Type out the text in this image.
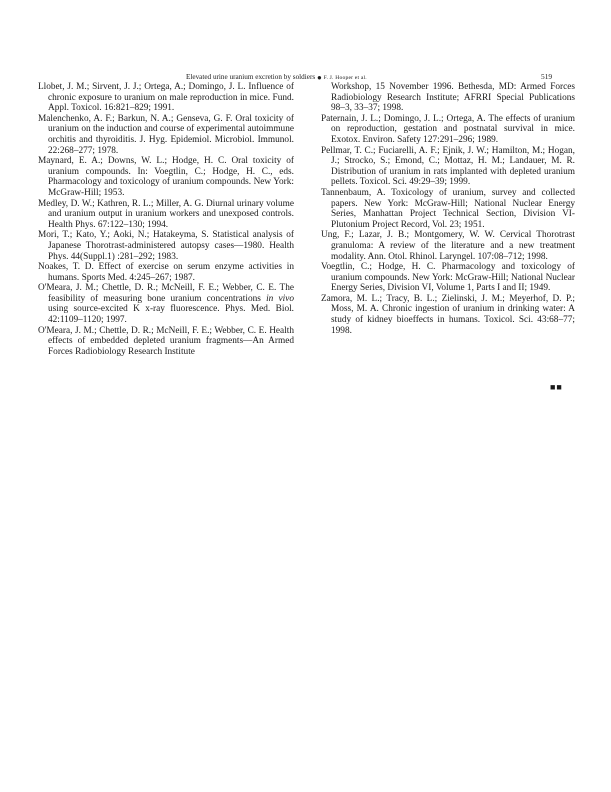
Elevated urine uranium excretion by soldiers ● F. J. Hooper et al.	519

Llobet, J. M.; Sirvent, J. J.; Ortega, A.; Domingo, J. L. Influence of chronic exposure to uranium on male reproduction in mice. Fund. Appl. Toxicol. 16:821–829; 1991.

Malenchenko, A. F.; Barkun, N. A.; Genseva, G. F. Oral toxicity of uranium on the induction and course of experimental autoimmune orchitis and thyroiditis. J. Hyg. Epidemiol. Microbiol. Immunol. 22:268–277; 1978.

Maynard, E. A.; Downs, W. L.; Hodge, H. C. Oral toxicity of uranium compounds. In: Voegtlin, C.; Hodge, H. C., eds. Pharmacology and toxicology of uranium compounds. New York: McGraw-Hill; 1953.

Medley, D. W.; Kathren, R. L.; Miller, A. G. Diurnal urinary volume and uranium output in uranium workers and unexposed controls. Health Phys. 67:122–130; 1994.

Mori, T.; Kato, Y.; Aoki, N.; Hatakeyma, S. Statistical analysis of Japanese Thorotrast-administered autopsy cases—1980. Health Phys. 44(Suppl.1) :281–292; 1983.

Noakes, T. D. Effect of exercise on serum enzyme activities in humans. Sports Med. 4:245–267; 1987.

O'Meara, J. M.; Chettle, D. R.; McNeill, F. E.; Webber, C. E. The feasibility of measuring bone uranium concentrations in vivo using source-excited K x-ray fluorescence. Phys. Med. Biol. 42:1109–1120; 1997.

O'Meara, J. M.; Chettle, D. R.; McNeill, F. E.; Webber, C. E. Health effects of embedded depleted uranium fragments—An Armed Forces Radiobiology Research Institute

Workshop, 15 November 1996. Bethesda, MD: Armed Forces Radiobiology Research Institute; AFRRI Special Publications 98–3, 33–37; 1998.

Paternain, J. L.; Domingo, J. L.; Ortega, A. The effects of uranium on reproduction, gestation and postnatal survival in mice. Exotox. Environ. Safety 127:291–296; 1989.

Pellmar, T. C.; Fuciarelli, A. F.; Ejnik, J. W.; Hamilton, M.; Hogan, J.; Strocko, S.; Emond, C.; Mottaz, H. M.; Landauer, M. R. Distribution of uranium in rats implanted with depleted uranium pellets. Toxicol. Sci. 49:29–39; 1999.

Tannenbaum, A. Toxicology of uranium, survey and collected papers. New York: McGraw-Hill; National Nuclear Energy Series, Manhattan Project Technical Section, Division VI-Plutonium Project Record, Vol. 23; 1951.

Ung, F.; Lazar, J. B.; Montgomery, W. W. Cervical Thorotrast granuloma: A review of the literature and a new treatment modality. Ann. Otol. Rhinol. Laryngel. 107:08–712; 1998.

Voegtlin, C.; Hodge, H. C. Pharmacology and toxicology of uranium compounds. New York: McGraw-Hill; National Nuclear Energy Series, Division VI, Volume 1, Parts I and II; 1949.

Zamora, M. L.; Tracy, B. L.; Zielinski, J. M.; Meyerhof, D. P.; Moss, M. A. Chronic ingestion of uranium in drinking water: A study of kidney bioeffects in humans. Toxicol. Sci. 43:68–77; 1998.

■■
